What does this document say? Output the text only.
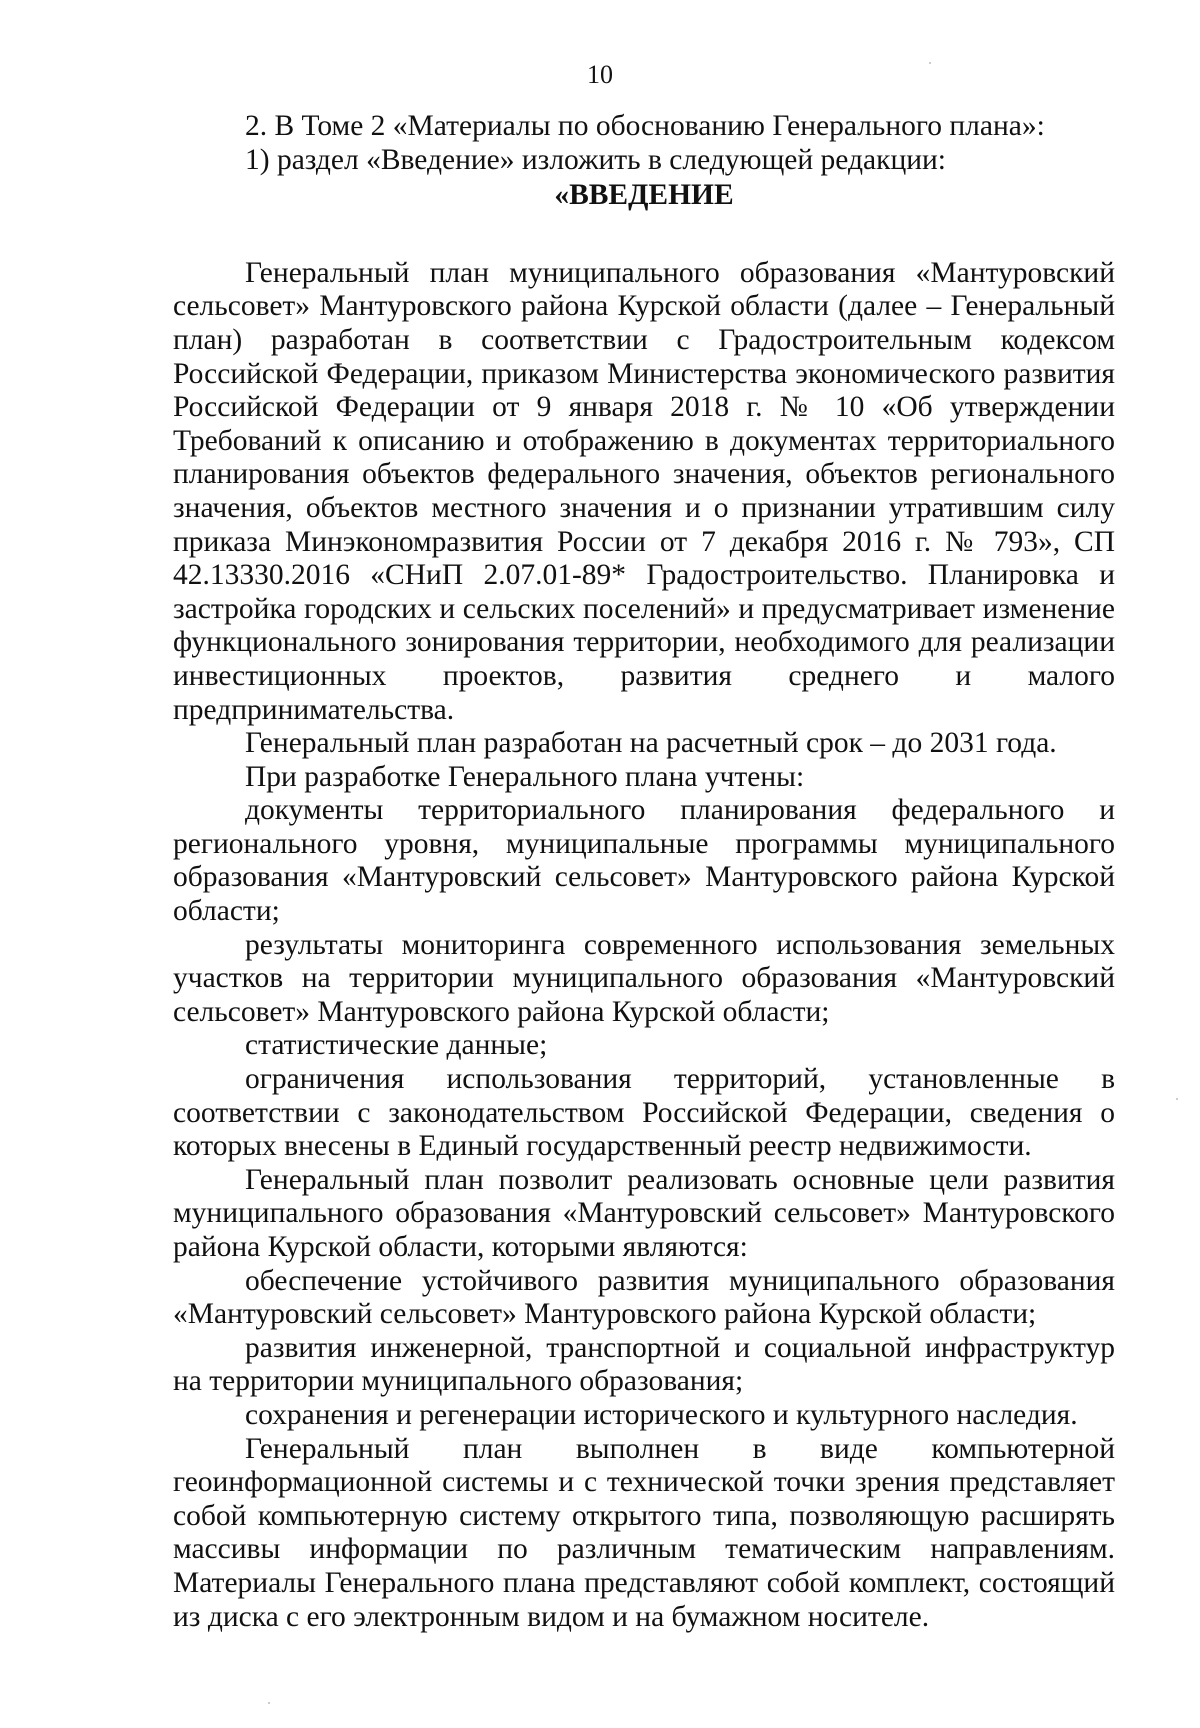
10
2. В Томе 2 «Материалы по обоснованию Генерального плана»:
1) раздел «Введение» изложить в следующей редакции:
«ВВЕДЕНИЕ

Генеральный план муниципального образования «Мантуровский сельсовет» Мантуровского района Курской области (далее – Генеральный план) разработан в соответствии с Градостроительным кодексом Российской Федерации, приказом Министерства экономического развития Российской Федерации от 9 января 2018 г. № 10 «Об утверждении Требований к описанию и отображению в документах территориального планирования объектов федерального значения, объектов регионального значения, объектов местного значения и о признании утратившим силу приказа Минэкономразвития России от 7 декабря 2016 г. № 793», СП 42.13330.2016 «СНиП 2.07.01-89* Градостроительство. Планировка и застройка городских и сельских поселений» и предусматривает изменение функционального зонирования территории, необходимого для реализации инвестиционных проектов, развития среднего и малого предпринимательства.

Генеральный план разработан на расчетный срок – до 2031 года.

При разработке Генерального плана учтены:

документы территориального планирования федерального и регионального уровня, муниципальные программы муниципального образования «Мантуровский сельсовет» Мантуровского района Курской области;

результаты мониторинга современного использования земельных участков на территории муниципального образования «Мантуровский сельсовет» Мантуровского района Курской области;

статистические данные;

ограничения использования территорий, установленные в соответствии с законодательством Российской Федерации, сведения о которых внесены в Единый государственный реестр недвижимости.

Генеральный план позволит реализовать основные цели развития муниципального образования «Мантуровский сельсовет» Мантуровского района Курской области, которыми являются:

обеспечение устойчивого развития муниципального образования «Мантуровский сельсовет» Мантуровского района Курской области;

развития инженерной, транспортной и социальной инфраструктур на территории муниципального образования;

сохранения и регенерации исторического и культурного наследия.

Генеральный план выполнен в виде компьютерной геоинформационной системы и с технической точки зрения представляет собой компьютерную систему открытого типа, позволяющую расширять массивы информации по различным тематическим направлениям. Материалы Генерального плана представляют собой комплект, состоящий из диска с его электронным видом и на бумажном носителе.
